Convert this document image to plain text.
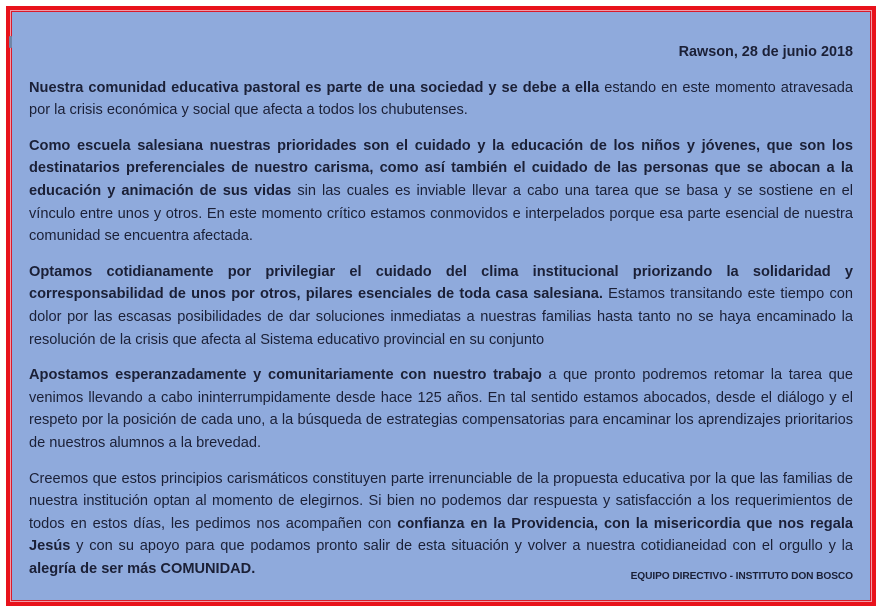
Rawson, 28 de junio 2018

Nuestra comunidad educativa pastoral es parte de una sociedad y se debe a ella estando en este momento atravesada por la crisis económica y social que afecta a todos los chubutenses.

Como escuela salesiana nuestras prioridades son el cuidado y la educación de los niños y jóvenes, que son los destinatarios preferenciales de nuestro carisma, como así también el cuidado de las personas que se abocan a la educación y animación de sus vidas sin las cuales es inviable llevar a cabo una tarea que se basa y se sostiene en el vínculo entre unos y otros. En este momento crítico estamos conmovidos e interpelados porque esa parte esencial de nuestra comunidad se encuentra afectada.

Optamos cotidianamente por privilegiar el cuidado del clima institucional priorizando la solidaridad y corresponsabilidad de unos por otros, pilares esenciales de toda casa salesiana. Estamos transitando este tiempo con dolor por las escasas posibilidades de dar soluciones inmediatas a nuestras familias hasta tanto no se haya encaminado la resolución de la crisis que afecta al Sistema educativo provincial en su conjunto

Apostamos esperanzadamente y comunitariamente con nuestro trabajo a que pronto podremos retomar la tarea que venimos llevando a cabo ininterrumpidamente desde hace 125 años. En tal sentido estamos abocados, desde el diálogo y el respeto por la posición de cada uno, a la búsqueda de estrategias compensatorias para encaminar los aprendizajes prioritarios de nuestros alumnos a la brevedad.

Creemos que estos principios carismáticos constituyen parte irrenunciable de la propuesta educativa por la que las familias de nuestra institución optan al momento de elegirnos. Si bien no podemos dar respuesta y satisfacción a los requerimientos de todos en estos días, les pedimos nos acompañen con confianza en la Providencia, con la misericordia que nos regala Jesús y con su apoyo para que podamos pronto salir de esta situación y volver a nuestra cotidianeidad con el orgullo y la alegría de ser más COMUNIDAD.

EQUIPO DIRECTIVO - INSTITUTO DON BOSCO
